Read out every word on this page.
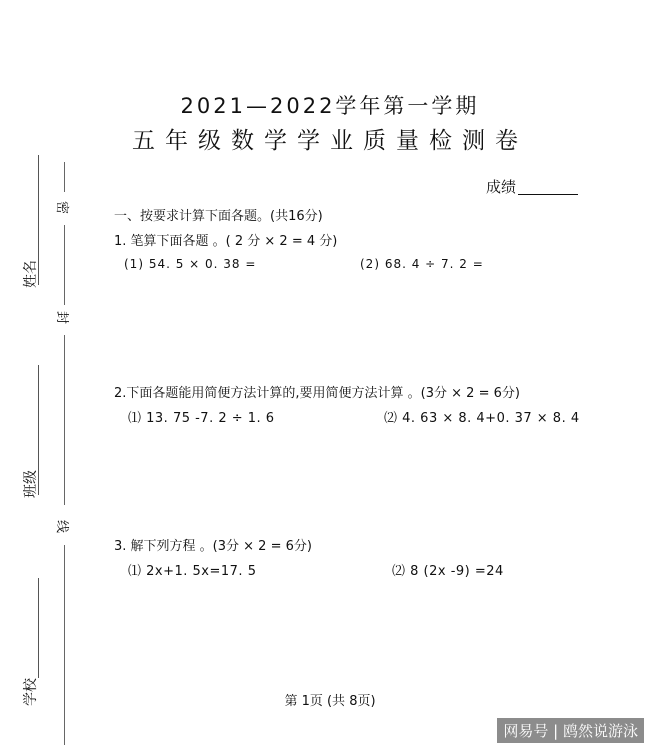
姓名
班级
学校
密
封
线
2021—2022学年第一学期
五年级数学学业质量检测卷
成绩
一、按要求计算下面各题。(共16分)
1. 笔算下面各题 。( 2 分 × 2 = 4 分)
(1) 54. 5 × 0. 38 =	(2) 68. 4 ÷ 7. 2 =
2.下面各题能用简便方法计算的,要用简便方法计算 。(3分 × 2 = 6分)
⑴ 13. 75 -7. 2 ÷ 1. 6	⑵ 4. 63 × 8. 4+0. 37 × 8. 4
3. 解下列方程 。(3分 × 2 = 6分)
⑴ 2x+1. 5x=17. 5	⑵ 8 (2x -9) =24
第 1页 (共 8页)
网易号 | 鸥然说游泳
